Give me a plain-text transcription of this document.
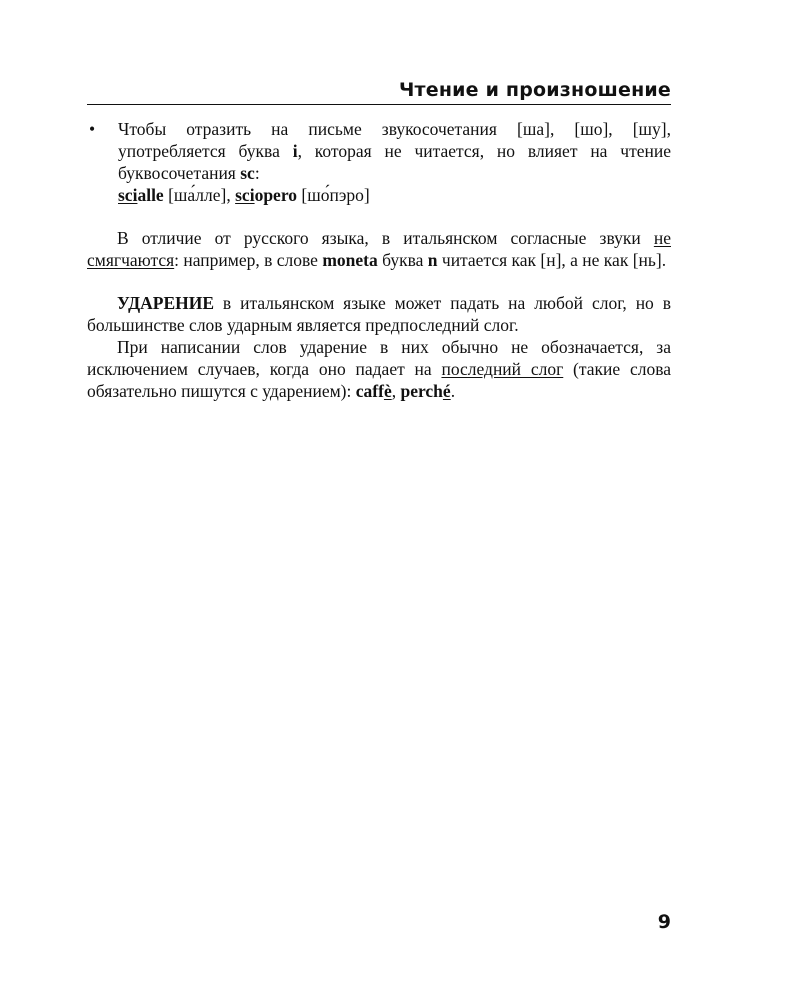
Чтение и произношение
• Чтобы отразить на письме звукосочетания [ша], [шо], [шу], употребляется буква i, которая не читается, но влияет на чтение буквосочетания sc:
scialle [ша́лле], sciopero [шо́пэро]

В отличие от русского языка, в итальянском согласные звуки не смягчаются: например, в слове moneta буква n читается как [н], а не как [нь].

УДАРЕНИЕ в итальянском языке может падать на любой слог, но в большинстве слов ударным является предпоследний слог.

При написании слов ударение в них обычно не обозначается, за исключением случаев, когда оно падает на последний слог (такие слова обязательно пишутся с ударением): caffè, perché.

9
